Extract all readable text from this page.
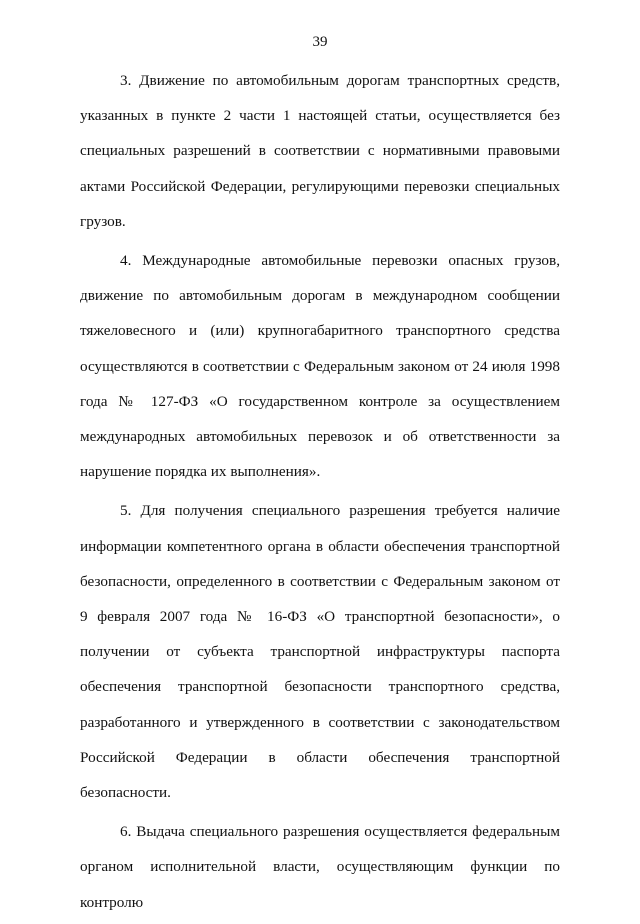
39

3. Движение по автомобильным дорогам транспортных средств, указанных в пункте 2 части 1 настоящей статьи, осуществляется без специальных разрешений в соответствии с нормативными правовыми актами Российской Федерации, регулирующими перевозки специальных грузов.

4. Международные автомобильные перевозки опасных грузов, движение по автомобильным дорогам в международном сообщении тяжеловесного и (или) крупногабаритного транспортного средства осуществляются в соответствии с Федеральным законом от 24 июля 1998 года № 127-ФЗ «О государственном контроле за осуществлением международных автомобильных перевозок и об ответственности за нарушение порядка их выполнения».

5. Для получения специального разрешения требуется наличие информации компетентного органа в области обеспечения транспортной безопасности, определенного в соответствии с Федеральным законом от 9 февраля 2007 года № 16-ФЗ «О транспортной безопасности», о получении от субъекта транспортной инфраструктуры паспорта обеспечения транспортной безопасности транспортного средства, разработанного и утвержденного в соответствии с законодательством Российской Федерации в области обеспечения транспортной безопасности.

6. Выдача специального разрешения осуществляется федеральным органом исполнительной власти, осуществляющим функции по контролю
